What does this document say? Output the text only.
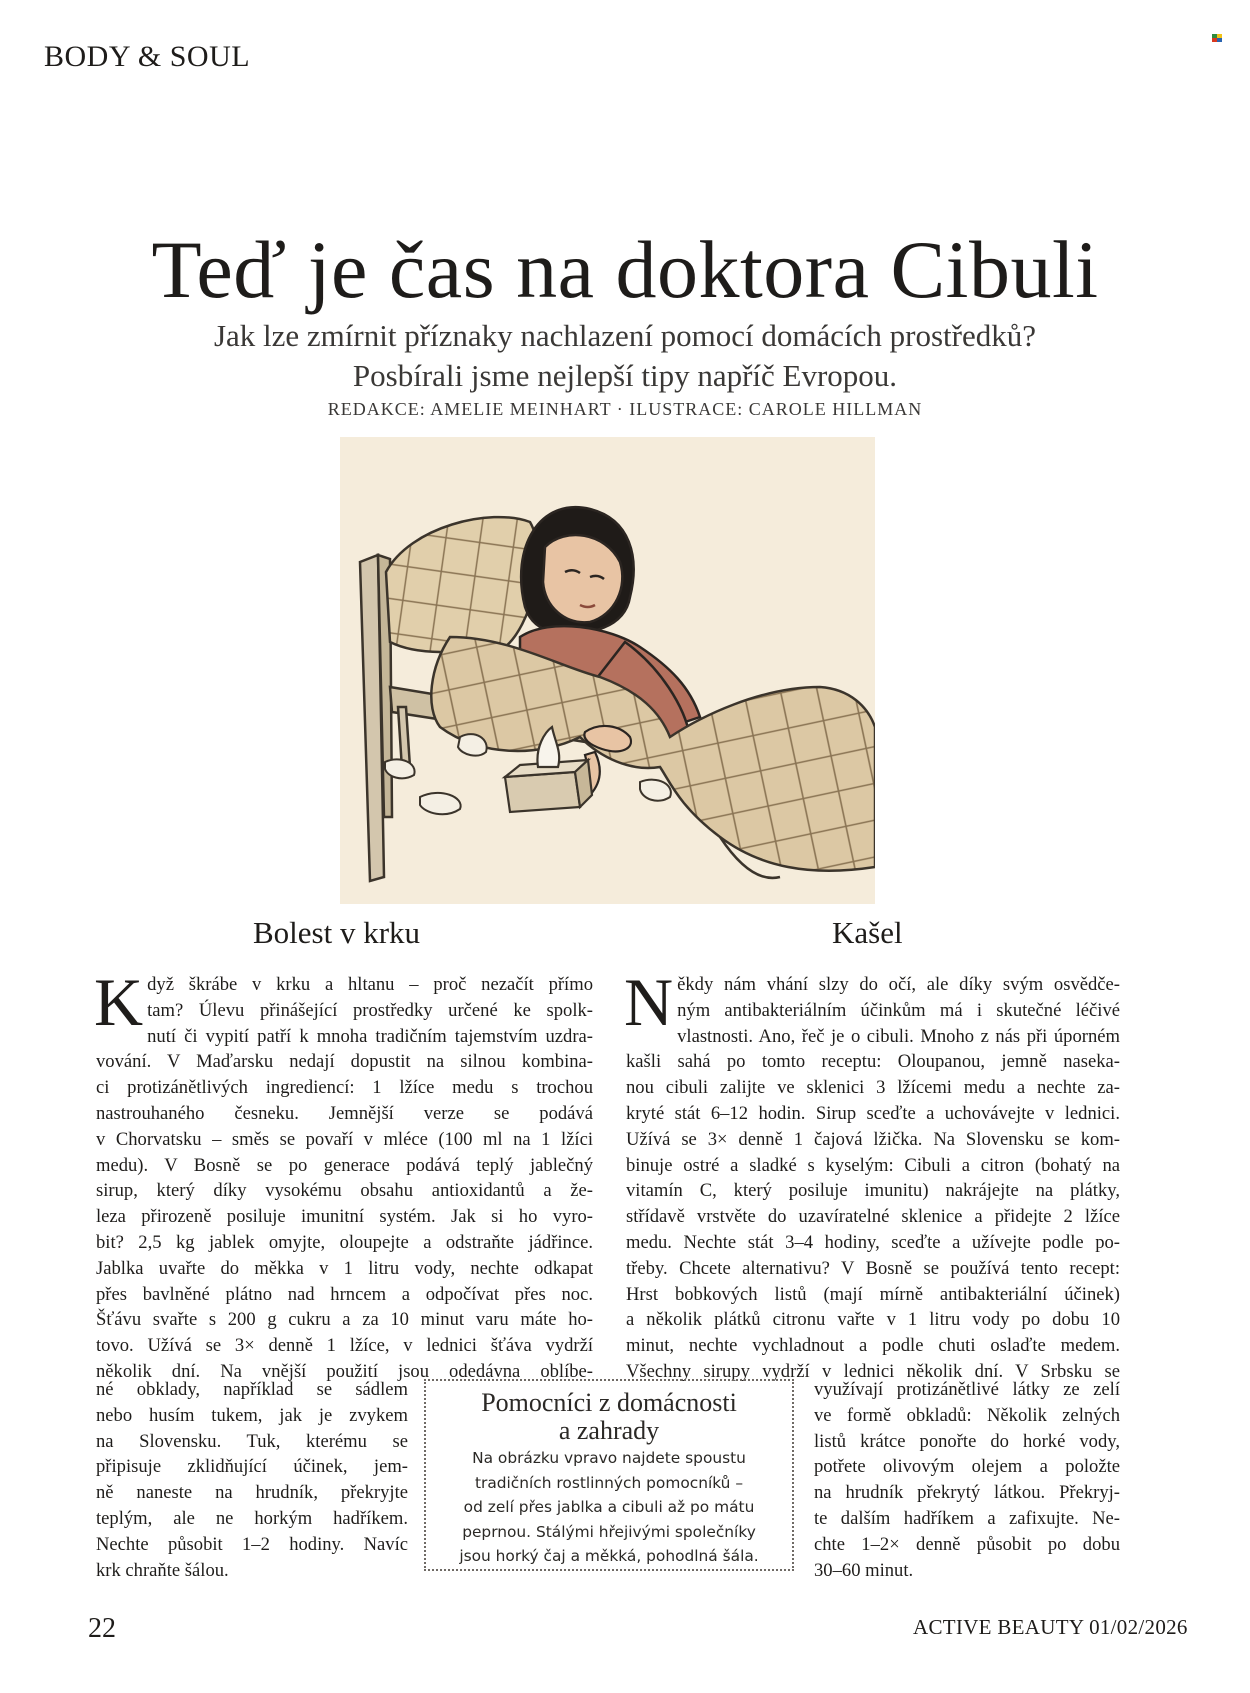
BODY & SOUL
Teď je čas na doktora Cibuli
Jak lze zmírnit příznaky nachlazení pomocí domácích prostředků?
Posbírali jsme nejlepší tipy napříč Evropou.
REDAKCE: AMELIE MEINHART · ILUSTRACE: CAROLE HILLMAN
Bolest v krku	Kašel
K dyž škrábe v krku a hltanu – proč nezačít přímo
tam? Úlevu přinášející prostředky určené ke spolk-
nutí či vypití patří k mnoha tradičním tajemstvím uzdra-
vování. V Maďarsku nedají dopustit na silnou kombina-
ci protizánětlivých ingrediencí: 1 lžíce medu s trochou
nastrouhaného česneku. Jemnější verze se podává
v Chorvatsku – směs se povaří v mléce (100 ml na 1 lžíci
medu). V Bosně se po generace podává teplý jablečný
sirup, který díky vysokému obsahu antioxidantů a že-
leza přirozeně posiluje imunitní systém. Jak si ho vyro-
bit? 2,5 kg jablek omyjte, oloupejte a odstraňte jádřince.
Jablka uvařte do měkka v 1 litru vody, nechte odkapat
přes bavlněné plátno nad hrncem a odpočívat přes noc.
Šťávu svařte s 200 g cukru a za 10 minut varu máte ho-
tovo. Užívá se 3× denně 1 lžíce, v lednici šťáva vydrží
několik dní. Na vnější použití jsou odedávna oblíbe-
né obklady, například se sádlem
nebo husím tukem, jak je zvykem
na Slovensku. Tuk, kterému se
připisuje zklidňující účinek, jem-
ně naneste na hrudník, překryjte
teplým, ale ne horkým hadříkem.
Nechte působit 1–2 hodiny. Navíc
krk chraňte šálou.
N ěkdy nám vhání slzy do očí, ale díky svým osvědče-
ným antibakteriálním účinkům má i skutečné léčivé
vlastnosti. Ano, řeč je o cibuli. Mnoho z nás při úporném
kašli sahá po tomto receptu: Oloupanou, jemně naseka-
nou cibuli zalijte ve sklenici 3 lžícemi medu a nechte za-
kryté stát 6–12 hodin. Sirup sceďte a uchovávejte v lednici.
Užívá se 3× denně 1 čajová lžička. Na Slovensku se kom-
binuje ostré a sladké s kyselým: Cibuli a citron (bohatý na
vitamín C, který posiluje imunitu) nakrájejte na plátky,
střídavě vrstvěte do uzavíratelné sklenice a přidejte 2 lžíce
medu. Nechte stát 3–4 hodiny, sceďte a užívejte podle po-
třeby. Chcete alternativu? V Bosně se používá tento recept:
Hrst bobkových listů (mají mírně antibakteriální účinek)
a několik plátků citronu vařte v 1 litru vody po dobu 10
minut, nechte vychladnout a podle chuti oslaďte medem.
Všechny sirupy vydrží v lednici několik dní. V Srbsku se
využívají protizánětlivé látky ze zelí
ve formě obkladů: Několik zelných
listů krátce ponořte do horké vody,
potřete olivovým olejem a položte
na hrudník překrytý látkou. Překryj-
te dalším hadříkem a zafixujte. Ne-
chte 1–2× denně působit po dobu
30–60 minut.
Pomocníci z domácnosti
a zahrady
Na obrázku vpravo najdete spoustu
tradičních rostlinných pomocníků –
od zelí přes jablka a cibuli až po mátu
peprnou. Stálými hřejivými společníky
jsou horký čaj a měkká, pohodlná šála.
22	ACTIVE BEAUTY 01/02/2026
